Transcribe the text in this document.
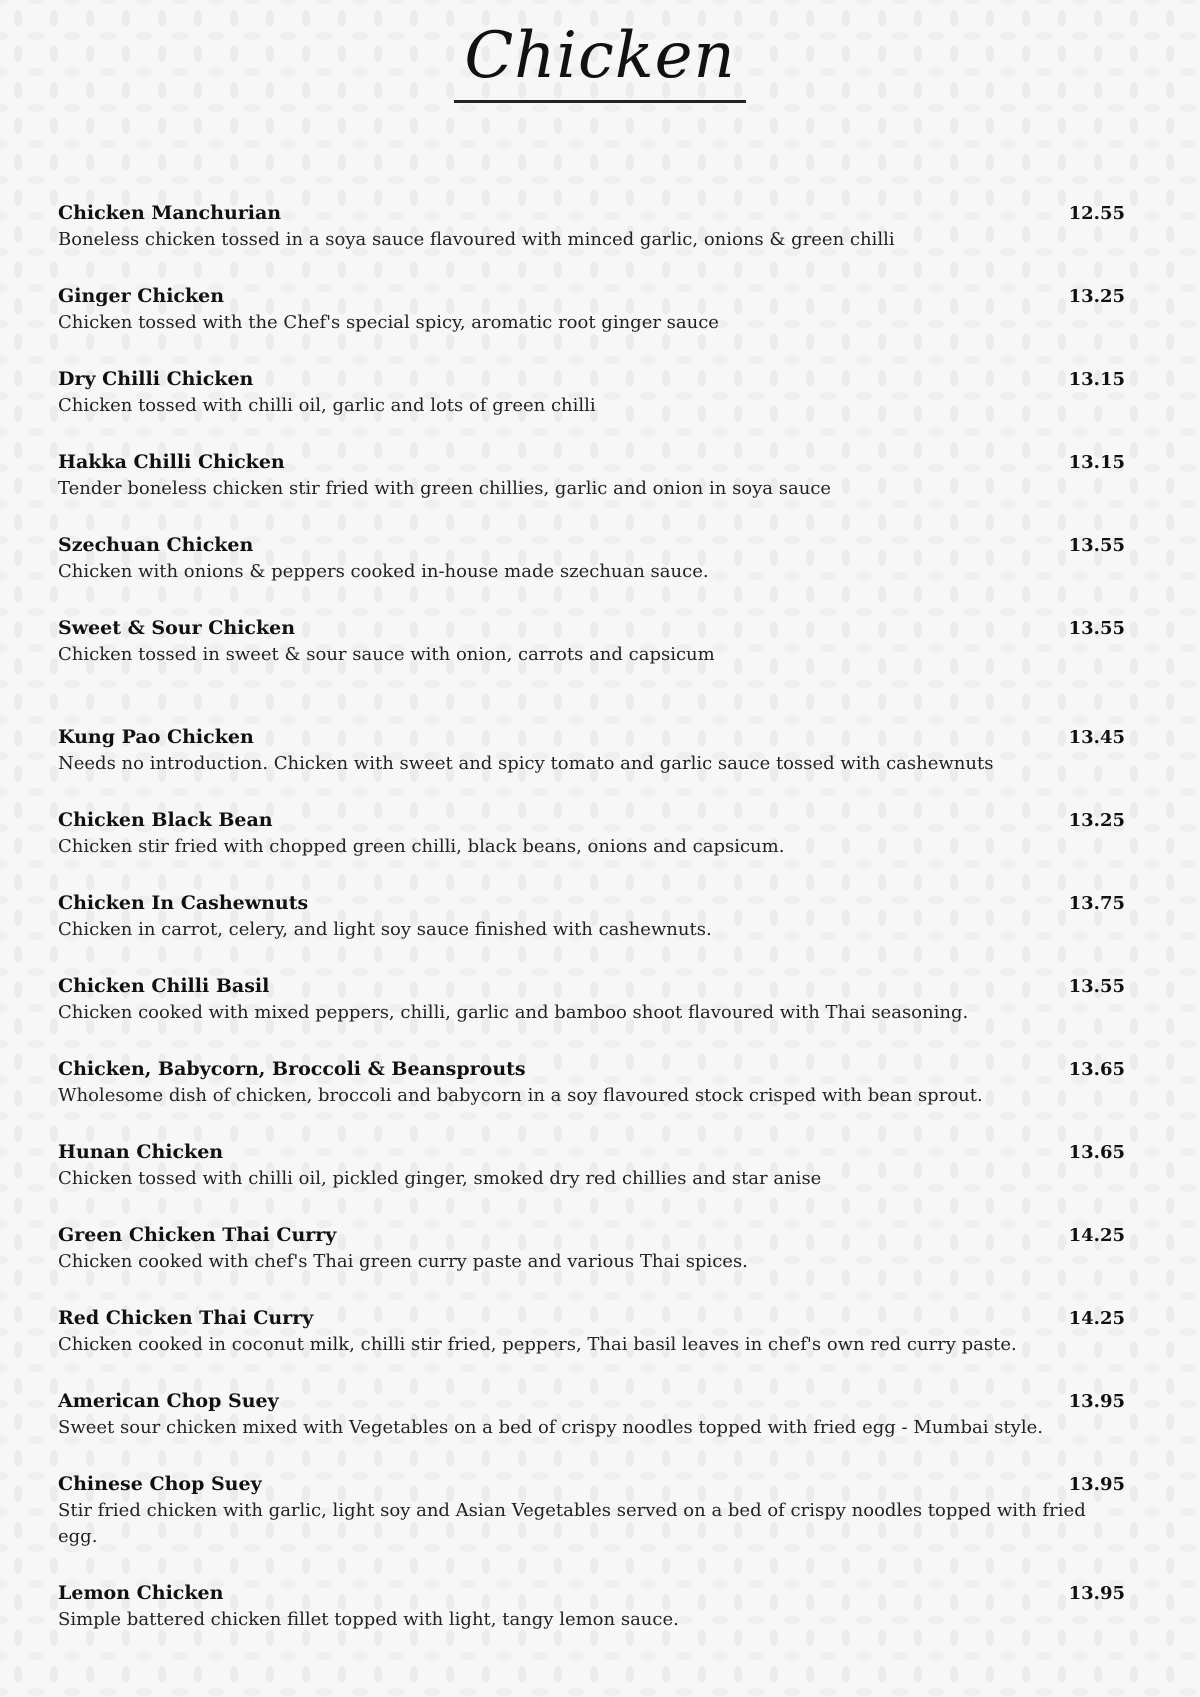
Chicken
Chicken Manchurian	12.55
Boneless chicken tossed in a soya sauce flavoured with minced garlic, onions & green chilli
Ginger Chicken	13.25
Chicken tossed with the Chef's special spicy, aromatic root ginger sauce
Dry Chilli Chicken	13.15
Chicken tossed with chilli oil, garlic and lots of green chilli
Hakka Chilli Chicken	13.15
Tender boneless chicken stir fried with green chillies, garlic and onion in soya sauce
Szechuan Chicken	13.55
Chicken with onions & peppers cooked in-house made szechuan sauce.
Sweet & Sour Chicken	13.55
Chicken tossed in sweet & sour sauce with onion, carrots and capsicum
Kung Pao Chicken	13.45
Needs no introduction. Chicken with sweet and spicy tomato and garlic sauce tossed with cashewnuts
Chicken Black Bean	13.25
Chicken stir fried with chopped green chilli, black beans, onions and capsicum.
Chicken In Cashewnuts	13.75
Chicken in carrot, celery, and light soy sauce finished with cashewnuts.
Chicken Chilli Basil	13.55
Chicken cooked with mixed peppers, chilli, garlic and bamboo shoot flavoured with Thai seasoning.
Chicken, Babycorn, Broccoli & Beansprouts	13.65
Wholesome dish of chicken, broccoli and babycorn in a soy flavoured stock crisped with bean sprout.
Hunan Chicken	13.65
Chicken tossed with chilli oil, pickled ginger, smoked dry red chillies and star anise
Green Chicken Thai Curry	14.25
Chicken cooked with chef's Thai green curry paste and various Thai spices.
Red Chicken Thai Curry	14.25
Chicken cooked in coconut milk, chilli stir fried, peppers, Thai basil leaves in chef's own red curry paste.
American Chop Suey	13.95
Sweet sour chicken mixed with Vegetables on a bed of crispy noodles topped with fried egg - Mumbai style.
Chinese Chop Suey	13.95
Stir fried chicken with garlic, light soy and Asian Vegetables served on a bed of crispy noodles topped with fried egg.
Lemon Chicken	13.95
Simple battered chicken fillet topped with light, tangy lemon sauce.
